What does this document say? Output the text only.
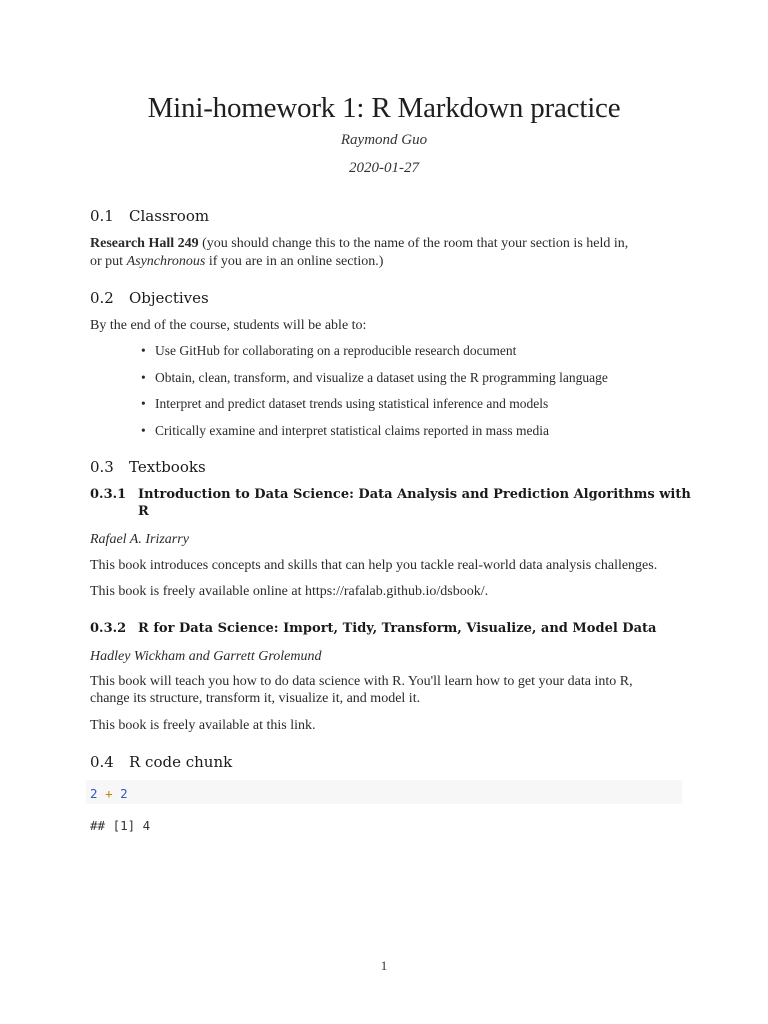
Mini-homework 1: R Markdown practice
Raymond Guo
2020-01-27
0.1 Classroom
Research Hall 249 (you should change this to the name of the room that your section is held in,
or put Asynchronous if you are in an online section.)
0.2 Objectives
By the end of the course, students will be able to:
• Use GitHub for collaborating on a reproducible research document
• Obtain, clean, transform, and visualize a dataset using the R programming language
• Interpret and predict dataset trends using statistical inference and models
• Critically examine and interpret statistical claims reported in mass media
0.3 Textbooks
0.3.1 Introduction to Data Science: Data Analysis and Prediction Algorithms with
R
Rafael A. Irizarry
This book introduces concepts and skills that can help you tackle real-world data analysis challenges.
This book is freely available online at https://rafalab.github.io/dsbook/.
0.3.2 R for Data Science: Import, Tidy, Transform, Visualize, and Model Data
Hadley Wickham and Garrett Grolemund
This book will teach you how to do data science with R. You'll learn how to get your data into R,
change its structure, transform it, visualize it, and model it.
This book is freely available at this link.
0.4 R code chunk
2 + 2
## [1] 4
1
